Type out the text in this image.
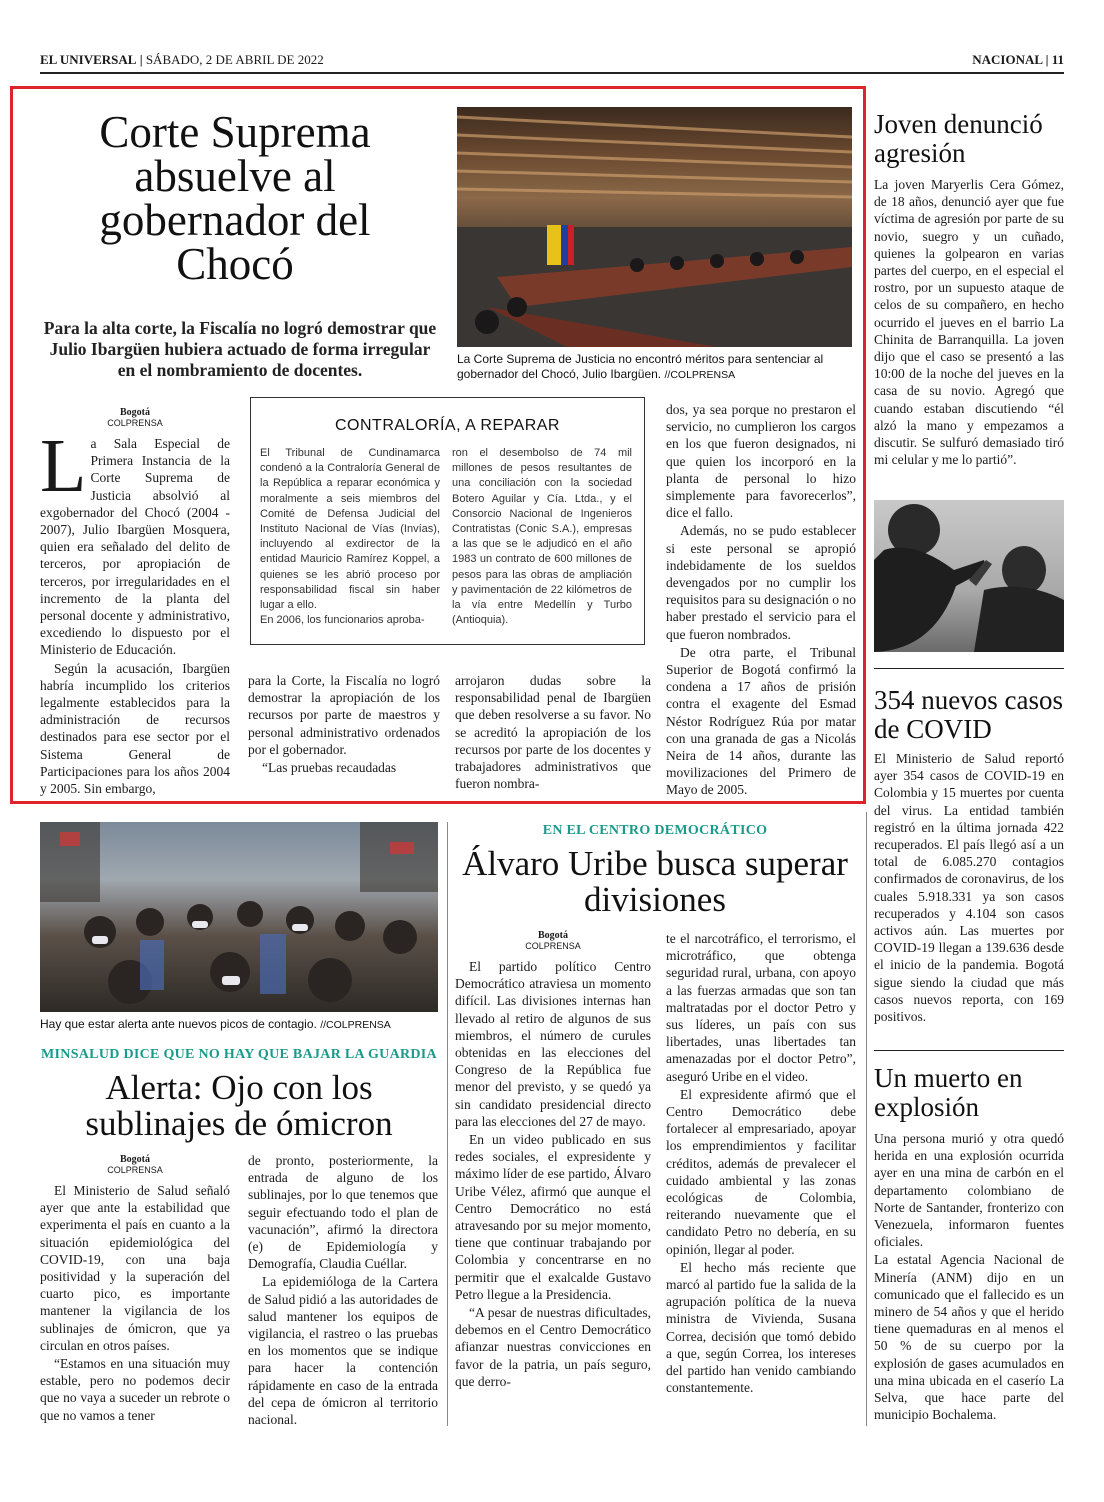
EL UNIVERSAL | SÁBADO, 2 DE ABRIL DE 2022	NACIONAL | 11
Corte Suprema absuelve al gobernador del Chocó

Para la alta corte, la Fiscalía no logró demostrar que Julio Ibargüen hubiera actuado de forma irregular en el nombramiento de docentes.

La Corte Suprema de Justicia no encontró méritos para sentenciar al gobernador del Chocó, Julio Ibargüen. //COLPRENSA

Bogotá
COLPRENSA

La Sala Especial de Primera Instancia de la Corte Suprema de Justicia absolvió al exgobernador del Chocó (2004 - 2007), Julio Ibargüen Mosquera, quien era señalado del delito de terceros, por apropiación de terceros, por irregularidades en el incremento de la planta del personal docente y administrativo, excediendo lo dispuesto por el Ministerio de Educación.

Según la acusación, Ibargüen habría incumplido los criterios legalmente establecidos para la administración de recursos destinados para ese sector por el Sistema General de Participaciones para los años 2004 y 2005. Sin embargo,

CONTRALORÍA, A REPARAR

El Tribunal de Cundinamarca condenó a la Contraloría General de la República a reparar económica y moralmente a seis miembros del Comité de Defensa Judicial del Instituto Nacional de Vías (Invías), incluyendo al exdirector de la entidad Mauricio Ramírez Koppel, a quienes se les abrió proceso por responsabilidad fiscal sin haber lugar a ello.

En 2006, los funcionarios aproba-

ron el desembolso de 74 mil millones de pesos resultantes de una conciliación con la sociedad Botero Aguilar y Cía. Ltda., y el Consorcio Nacional de Ingenieros Contratistas (Conic S.A.), empresas a las que se le adjudicó en el año 1983 un contrato de 600 millones de pesos para las obras de ampliación y pavimentación de 22 kilómetros de la vía entre Medellín y Turbo (Antioquia).

para la Corte, la Fiscalía no logró demostrar la apropiación de los recursos por parte de maestros y personal administrativo ordenados por el gobernador.

“Las pruebas recaudadas

arrojaron dudas sobre la responsabilidad penal de Ibargüen que deben resolverse a su favor. No se acreditó la apropiación de los recursos por parte de los docentes y trabajadores administrativos que fueron nombra-

dos, ya sea porque no prestaron el servicio, no cumplieron los cargos en los que fueron designados, ni que quien los incorporó en la planta de personal lo hizo simplemente para favorecerlos”, dice el fallo.

Además, no se pudo establecer si este personal se apropió indebidamente de los sueldos devengados por no cumplir los requisitos para su designación o no haber prestado el servicio para el que fueron nombrados.

De otra parte, el Tribunal Superior de Bogotá confirmó la condena a 17 años de prisión contra el exagente del Esmad Néstor Rodríguez Rúa por matar con una granada de gas a Nicolás Neira de 14 años, durante las movilizaciones del Primero de Mayo de 2005.

Joven denunció agresión

La joven Maryerlis Cera Gómez, de 18 años, denunció ayer que fue víctima de agresión por parte de su novio, suegro y un cuñado, quienes la golpearon en varias partes del cuerpo, en el especial el rostro, por un supuesto ataque de celos de su compañero, en hecho ocurrido el jueves en el barrio La Chinita de Barranquilla. La joven dijo que el caso se presentó a las 10:00 de la noche del jueves en la casa de su novio. Agregó que cuando estaban discutiendo “él alzó la mano y empezamos a discutir. Se sulfuró demasiado tiró mi celular y me lo partió”.

354 nuevos casos de COVID

El Ministerio de Salud reportó ayer 354 casos de COVID-19 en Colombia y 15 muertes por cuenta del virus. La entidad también registró en la última jornada 422 recuperados. El país llegó así a un total de 6.085.270 contagios confirmados de coronavirus, de los cuales 5.918.331 ya son casos recuperados y 4.104 son casos activos aún. Las muertes por COVID-19 llegan a 139.636 desde el inicio de la pandemia. Bogotá sigue siendo la ciudad que más casos nuevos reporta, con 169 positivos.

Un muerto en explosión

Una persona murió y otra quedó herida en una explosión ocurrida ayer en una mina de carbón en el departamento colombiano de Norte de Santander, fronterizo con Venezuela, informaron fuentes oficiales.

La estatal Agencia Nacional de Minería (ANM) dijo en un comunicado que el fallecido es un minero de 54 años y que el herido tiene quemaduras en al menos el 50 % de su cuerpo por la explosión de gases acumulados en una mina ubicada en el caserío La Selva, que hace parte del municipio Bochalema.

Hay que estar alerta ante nuevos picos de contagio. //COLPRENSA

MINSALUD DICE QUE NO HAY QUE BAJAR LA GUARDIA
Alerta: Ojo con los sublinajes de ómicron
Bogotá
COLPRENSA

El Ministerio de Salud señaló ayer que ante la estabilidad que experimenta el país en cuanto a la situación epidemiológica del COVID-19, con una baja positividad y la superación del cuarto pico, es importante mantener la vigilancia de los sublinajes de ómicron, que ya circulan en otros países.

“Estamos en una situación muy estable, pero no podemos decir que no vaya a suceder un rebrote o que no vamos a tener

de pronto, posteriormente, la entrada de alguno de los sublinajes, por lo que tenemos que seguir efectuando todo el plan de vacunación”, afirmó la directora (e) de Epidemiología y Demografía, Claudia Cuéllar.

La epidemióloga de la Cartera de Salud pidió a las autoridades de salud mantener los equipos de vigilancia, el rastreo o las pruebas en los momentos que se indique para hacer la contención rápidamente en caso de la entrada del cepa de ómicron al territorio nacional.

EN EL CENTRO DEMOCRÁTICO
Álvaro Uribe busca superar divisiones
Bogotá
COLPRENSA

El partido político Centro Democrático atraviesa un momento difícil. Las divisiones internas han llevado al retiro de algunos de sus miembros, el número de curules obtenidas en las elecciones del Congreso de la República fue menor del previsto, y se quedó ya sin candidato presidencial directo para las elecciones del 27 de mayo.

En un video publicado en sus redes sociales, el expresidente y máximo líder de ese partido, Álvaro Uribe Vélez, afirmó que aunque el Centro Democrático no está atravesando por su mejor momento, tiene que continuar trabajando por Colombia y concentrarse en no permitir que el exalcalde Gustavo Petro llegue a la Presidencia.

“A pesar de nuestras dificultades, debemos en el Centro Democrático afianzar nuestras convicciones en favor de la patria, un país seguro, que derro-

te el narcotráfico, el terrorismo, el microtráfico, que obtenga seguridad rural, urbana, con apoyo a las fuerzas armadas que son tan maltratadas por el doctor Petro y sus líderes, un país con sus libertades, unas libertades tan amenazadas por el doctor Petro”, aseguró Uribe en el video.

El expresidente afirmó que el Centro Democrático debe fortalecer al empresariado, apoyar los emprendimientos y facilitar créditos, además de prevalecer el cuidado ambiental y las zonas ecológicas de Colombia, reiterando nuevamente que el candidato Petro no debería, en su opinión, llegar al poder.

El hecho más reciente que marcó al partido fue la salida de la agrupación política de la nueva ministra de Vivienda, Susana Correa, decisión que tomó debido a que, según Correa, los intereses del partido han venido cambiando constantemente.
